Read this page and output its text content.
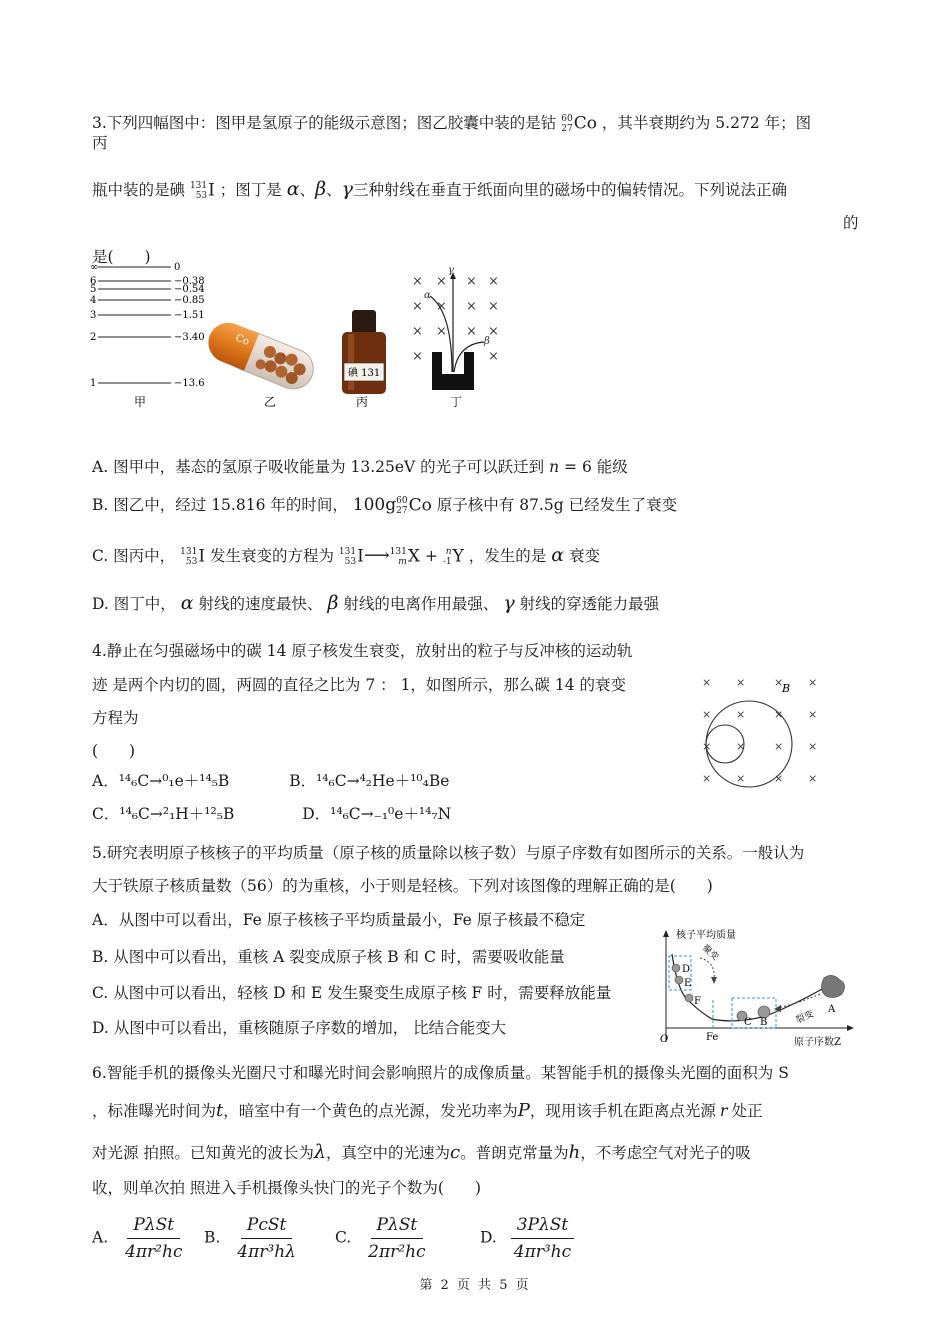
3.下列四幅图中：图甲是氢原子的能级示意图；图乙胶囊中装的是钴 60
27 Co ，其半衰期约为 5.272 年；图
丙
瓶中装的是碘 131
53 I ；图丁是 α、β、γ三种射线在垂直于纸面向里的磁场中的偏转情况。下列说法正确
的
是(　　)
∞	0
6	−0.38
5	−0.54
4	−0.85
3	−1.51
2	−3.40
1	−13.6
甲
Co
乙
碘 131
丙
× × × ×
× × × ×
× × × ×
×	×
γ
α
β
丁
A. 图甲中，基态的氢原子吸收能量为 13.25eV 的光子可以跃迁到 n = 6 能级
B. 图乙中，经过 15.816 年的时间， 100g 60
27 Co 原子核中有 87.5g 已经发生了衰变
C. 图丙中， 131
53 I 发生衰变的方程为 131
53 I⟶ 131
m X + n
-1 Y ，发生的是 α 衰变
D. 图丁中， α 射线的速度最快、 β 射线的电离作用最强、 γ 射线的穿透能力最强
4.静止在匀强磁场中的碳 14 原子核发生衰变，放射出的粒子与反冲核的运动轨
迹 是两个内切的圆，两圆的直径之比为 7 ： 1，如图所示，那么碳 14 的衰变
方程为
(　　)
A．¹⁴₆C→⁰₁e＋¹⁴₅B	B．¹⁴₆C→⁴₂He＋¹⁰₄Be
C．¹⁴₆C→²₁H＋¹²₅B	D．¹⁴₆C→₋₁⁰e＋¹⁴₇N
× ×	× ×
× ×	× ×
× ×	× ×
× ×	× ×
B
5.研究表明原子核核子的平均质量（原子核的质量除以核子数）与原子序数有如图所示的关系。一般认为
大于铁原子核质量数（56）的为重核，小于则是轻核。下列对该图像的理解正确的是(　　)
A．从图中可以看出，Fe 原子核核子平均质量最小，Fe 原子核最不稳定
B. 从图中可以看出，重核 A 裂变成原子核 B 和 C 时，需要吸收能量
C. 从图中可以看出，轻核 D 和 E 发生聚变生成原子核 F 时，需要释放能量
D. 从图中可以看出，重核随原子序数的增加， 比结合能变大
核子平均质量
原子序数Z
O	Fe
D
E
F
C B
A
聚变
裂变
6.智能手机的摄像头光圈尺寸和曝光时间会影响照片的成像质量。某智能手机的摄像头光圈的面积为 S
，标准曝光时间为t，暗室中有一个黄色的点光源，发光功率为P，现用该手机在距离点光源 r 处正
对光源 拍照。已知黄光的波长为λ，真空中的光速为c。普朗克常量为h，不考虑空气对光子的吸
收，则单次拍 照进入手机摄像头快门的光子个数为(　　)
A. $\frac{\text{PλSt}}{\text{4πr²hc}} B$. $\frac{\text{PcSt}}{\text{4πr³hλ}} C$. $\frac{\text{PλSt}}{\text{2πr²hc}}$	D. $\frac{\text{3PλSt}}{\text{4πr³hc}}$
第 2 页 共 5 页
